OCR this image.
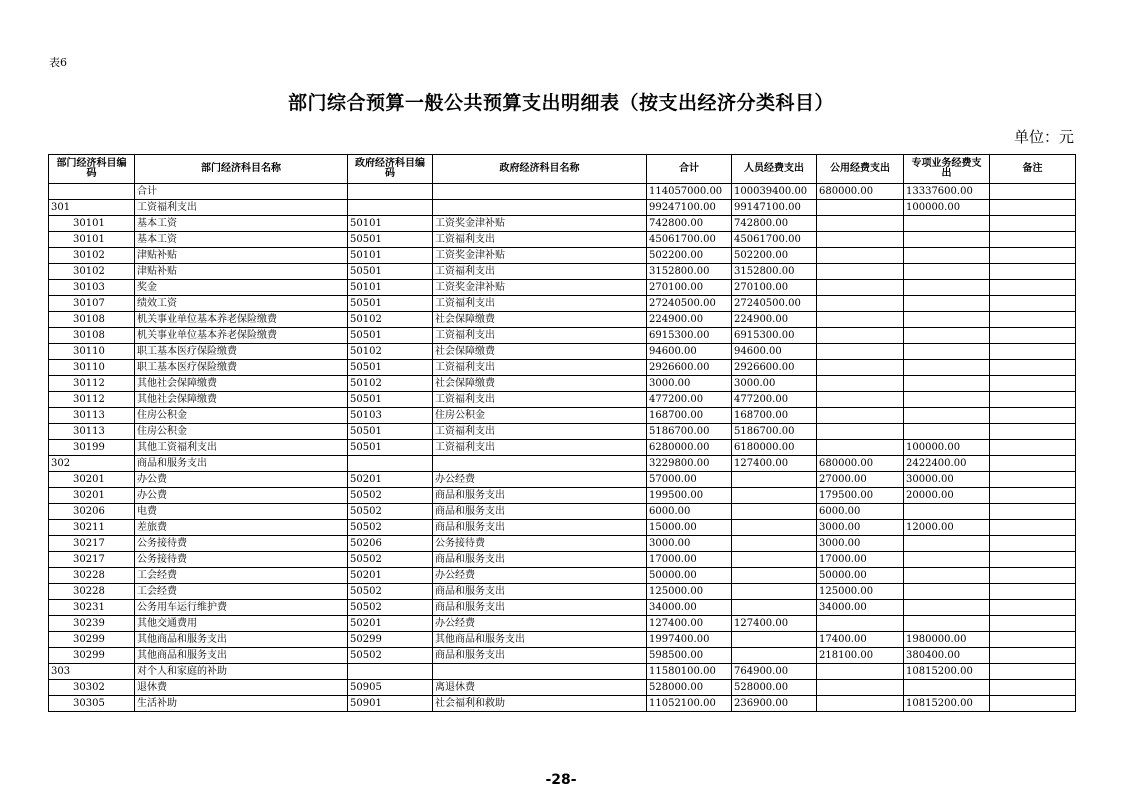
表6
部门综合预算一般公共预算支出明细表（按支出经济分类科目）
单位：元
部门经济科目编码	部门经济科目名称	政府经济科目编码	政府经济科目名称	合计	人员经费支出	公用经费支出	专项业务经费支出	备注
	合计			114057000.00	100039400.00	680000.00	13337600.00	
301	工资福利支出			99247100.00	99147100.00		100000.00	
30101	基本工资	50101	工资奖金津补贴	742800.00	742800.00			
30101	基本工资	50501	工资福利支出	45061700.00	45061700.00			
30102	津贴补贴	50101	工资奖金津补贴	502200.00	502200.00			
30102	津贴补贴	50501	工资福利支出	3152800.00	3152800.00			
30103	奖金	50101	工资奖金津补贴	270100.00	270100.00			
30107	绩效工资	50501	工资福利支出	27240500.00	27240500.00			
30108	机关事业单位基本养老保险缴费	50102	社会保障缴费	224900.00	224900.00			
30108	机关事业单位基本养老保险缴费	50501	工资福利支出	6915300.00	6915300.00			
30110	职工基本医疗保险缴费	50102	社会保障缴费	94600.00	94600.00			
30110	职工基本医疗保险缴费	50501	工资福利支出	2926600.00	2926600.00			
30112	其他社会保障缴费	50102	社会保障缴费	3000.00	3000.00			
30112	其他社会保障缴费	50501	工资福利支出	477200.00	477200.00			
30113	住房公积金	50103	住房公积金	168700.00	168700.00			
30113	住房公积金	50501	工资福利支出	5186700.00	5186700.00			
30199	其他工资福利支出	50501	工资福利支出	6280000.00	6180000.00		100000.00	
302	商品和服务支出			3229800.00	127400.00	680000.00	2422400.00	
30201	办公费	50201	办公经费	57000.00		27000.00	30000.00	
30201	办公费	50502	商品和服务支出	199500.00		179500.00	20000.00	
30206	电费	50502	商品和服务支出	6000.00		6000.00		
30211	差旅费	50502	商品和服务支出	15000.00		3000.00	12000.00	
30217	公务接待费	50206	公务接待费	3000.00		3000.00		
30217	公务接待费	50502	商品和服务支出	17000.00		17000.00		
30228	工会经费	50201	办公经费	50000.00		50000.00		
30228	工会经费	50502	商品和服务支出	125000.00		125000.00		
30231	公务用车运行维护费	50502	商品和服务支出	34000.00		34000.00		
30239	其他交通费用	50201	办公经费	127400.00	127400.00			
30299	其他商品和服务支出	50299	其他商品和服务支出	1997400.00		17400.00	1980000.00	
30299	其他商品和服务支出	50502	商品和服务支出	598500.00		218100.00	380400.00	
303	对个人和家庭的补助			11580100.00	764900.00		10815200.00	
30302	退休费	50905	离退休费	528000.00	528000.00			
30305	生活补助	50901	社会福利和救助	11052100.00	236900.00		10815200.00	
-28-
